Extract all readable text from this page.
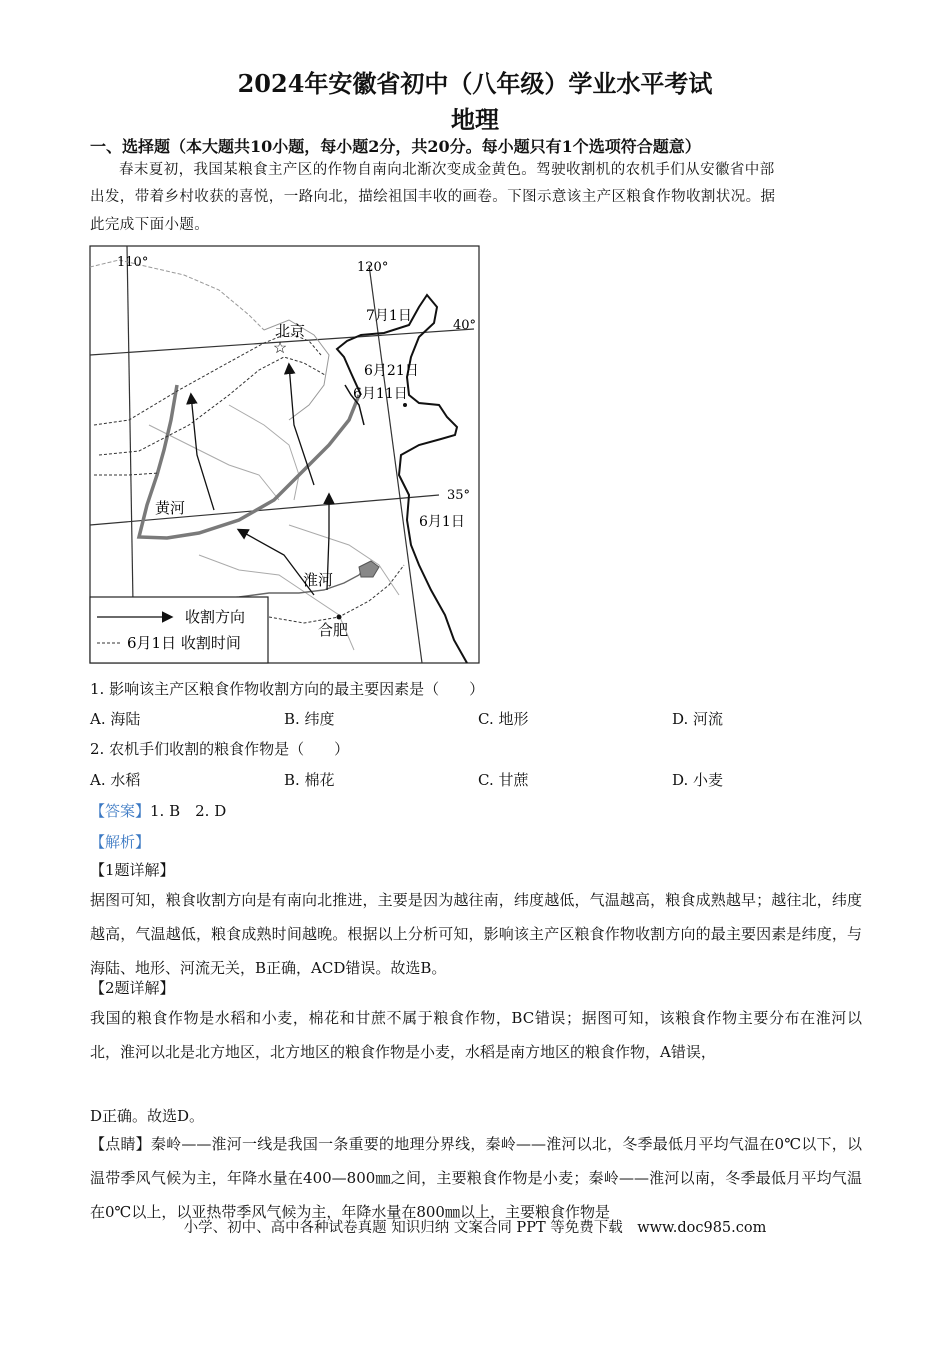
2024年安徽省初中（八年级）学业水平考试
地理
一、选择题（本大题共10小题，每小题2分，共20分。每小题只有1个选项符合题意）
春末夏初，我国某粮食主产区的作物自南向北渐次变成金黄色。驾驶收割机的农机手们从安徽省中部
出发，带着乡村收获的喜悦，一路向北，描绘祖国丰收的画卷。下图示意该主产区粮食作物收割状况。据
此完成下面小题。
☆
110°	120°
40°
35°
北京
合肥
黄河
淮河
7月1日
6月21日
6月11日
6月1日
收割方向
6月1日 收割时间
1. 影响该主产区粮食作物收割方向的最主要因素是（　　）
A. 海陆	B. 纬度	C. 地形	D. 河流
2. 农机手们收割的粮食作物是（　　）
A. 水稻	B. 棉花	C. 甘蔗	D. 小麦
【答案】1. B　2. D
【解析】
【1题详解】
据图可知，粮食收割方向是有南向北推进，主要是因为越往南，纬度越低，气温越高，粮食成熟越早；越往北，纬度越高，气温越低，粮食成熟时间越晚。根据以上分析可知，影响该主产区粮食作物收割方向的最主要因素是纬度，与海陆、地形、河流无关，B正确，ACD错误。故选B。
【2题详解】
我国的粮食作物是水稻和小麦，棉花和甘蔗不属于粮食作物，BC错误；据图可知，该粮食作物主要分布在淮河以北，淮河以北是北方地区，北方地区的粮食作物是小麦，水稻是南方地区的粮食作物，A错误，
D正确。故选D。
【点睛】秦岭——淮河一线是我国一条重要的地理分界线，秦岭——淮河以北，冬季最低月平均气温在0℃以下，以温带季风气候为主，年降水量在400—800㎜之间，主要粮食作物是小麦；秦岭——淮河以南，冬季最低月平均气温在0℃以上，以亚热带季风气候为主，年降水量在800㎜以上，主要粮食作物是
小学、初中、高中各种试卷真题 知识归纳 文案合同 PPT 等免费下载　www.doc985.com
